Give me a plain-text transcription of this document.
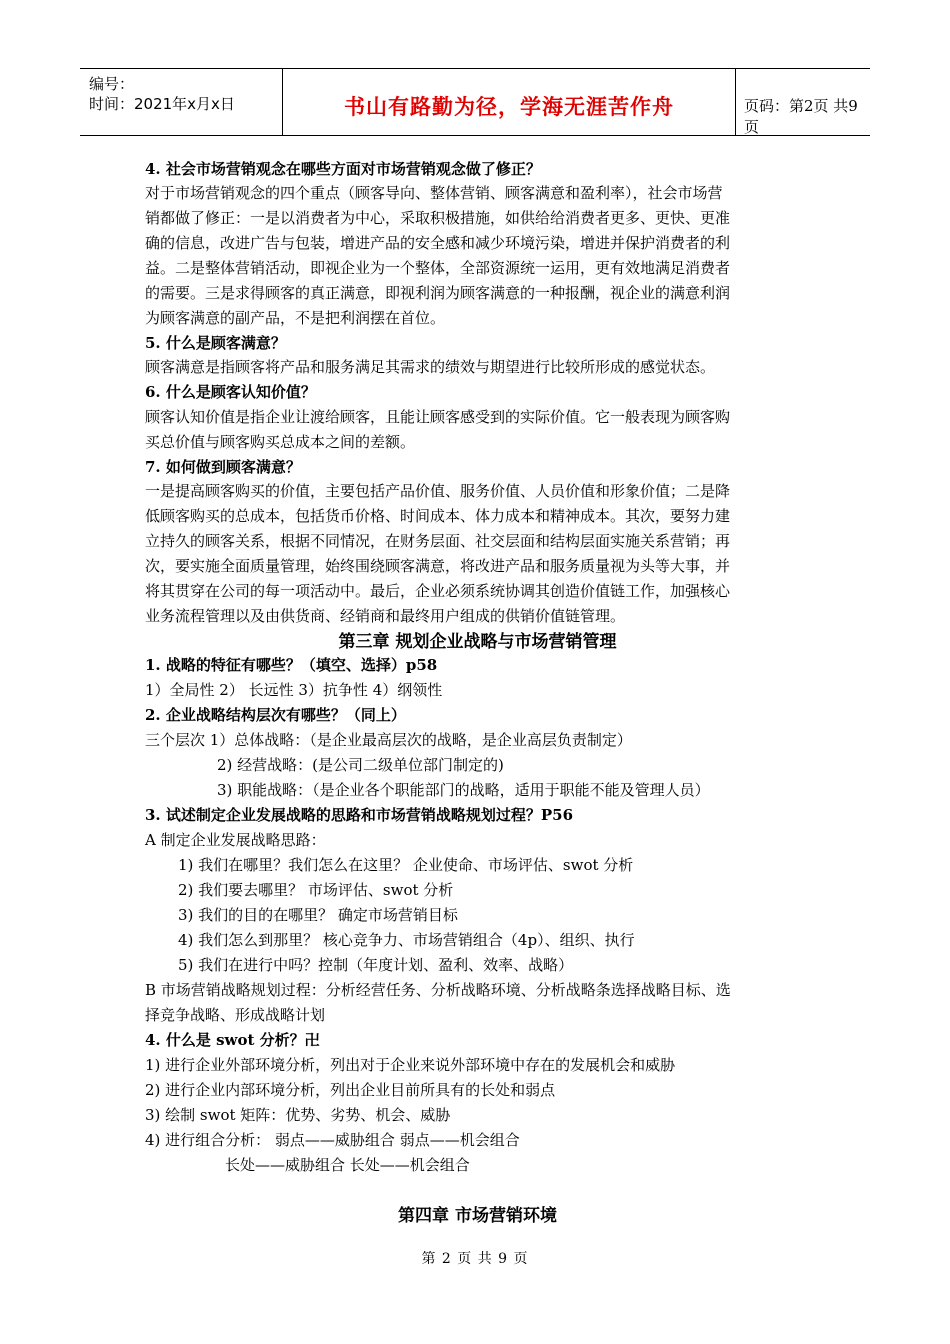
编号：
时间：2021年x月x日	书山有路勤为径，学海无涯苦作舟	页码：第2页 共9页
4. 社会市场营销观念在哪些方面对市场营销观念做了修正？
对于市场营销观念的四个重点（顾客导向、整体营销、顾客满意和盈利率），社会市场营
销都做了修正：一是以消费者为中心，采取积极措施，如供给给消费者更多、更快、更准
确的信息，改进广告与包装，增进产品的安全感和减少环境污染，增进并保护消费者的利
益。二是整体营销活动，即视企业为一个整体，全部资源统一运用，更有效地满足消费者
的需要。三是求得顾客的真正满意，即视利润为顾客满意的一种报酬，视企业的满意利润
为顾客满意的副产品，不是把利润摆在首位。
5. 什么是顾客满意？
顾客满意是指顾客将产品和服务满足其需求的绩效与期望进行比较所形成的感觉状态。
6. 什么是顾客认知价值？
顾客认知价值是指企业让渡给顾客，且能让顾客感受到的实际价值。它一般表现为顾客购
买总价值与顾客购买总成本之间的差额。
7. 如何做到顾客满意？
一是提高顾客购买的价值，主要包括产品价值、服务价值、人员价值和形象价值；二是降
低顾客购买的总成本，包括货币价格、时间成本、体力成本和精神成本。其次，要努力建
立持久的顾客关系，根据不同情况，在财务层面、社交层面和结构层面实施关系营销；再
次，要实施全面质量管理，始终围绕顾客满意，将改进产品和服务质量视为头等大事，并
将其贯穿在公司的每一项活动中。最后，企业必须系统协调其创造价值链工作，加强核心
业务流程管理以及由供货商、经销商和最终用户组成的供销价值链管理。
第三章 规划企业战略与市场营销管理
1. 战略的特征有哪些？（填空、选择）p58
1）全局性 2） 长远性 3）抗争性 4）纲领性
2. 企业战略结构层次有哪些？（同上）
三个层次 1）总体战略：（是企业最高层次的战略，是企业高层负责制定）
2) 经营战略：(是公司二级单位部门制定的)
3) 职能战略：（是企业各个职能部门的战略，适用于职能不能及管理人员）
3. 试述制定企业发展战略的思路和市场营销战略规划过程？P56
A 制定企业发展战略思路：
1) 我们在哪里？我们怎么在这里？ 企业使命、市场评估、swot 分析
2) 我们要去哪里？ 市场评估、swot 分析
3) 我们的目的在哪里？ 确定市场营销目标
4) 我们怎么到那里？ 核心竞争力、市场营销组合（4p）、组织、执行
5) 我们在进行中吗？控制（年度计划、盈利、效率、战略）
B 市场营销战略规划过程：分析经营任务、分析战略环境、分析战略条选择战略目标、选
择竞争战略、形成战略计划
4. 什么是 swot 分析？卍
1) 进行企业外部环境分析，列出对于企业来说外部环境中存在的发展机会和威胁
2) 进行企业内部环境分析，列出企业目前所具有的长处和弱点
3) 绘制 swot 矩阵：优势、劣势、机会、威胁
4) 进行组合分析： 弱点——威胁组合 弱点——机会组合
长处——威胁组合 长处——机会组合
第四章 市场营销环境
第 2 页 共 9 页
